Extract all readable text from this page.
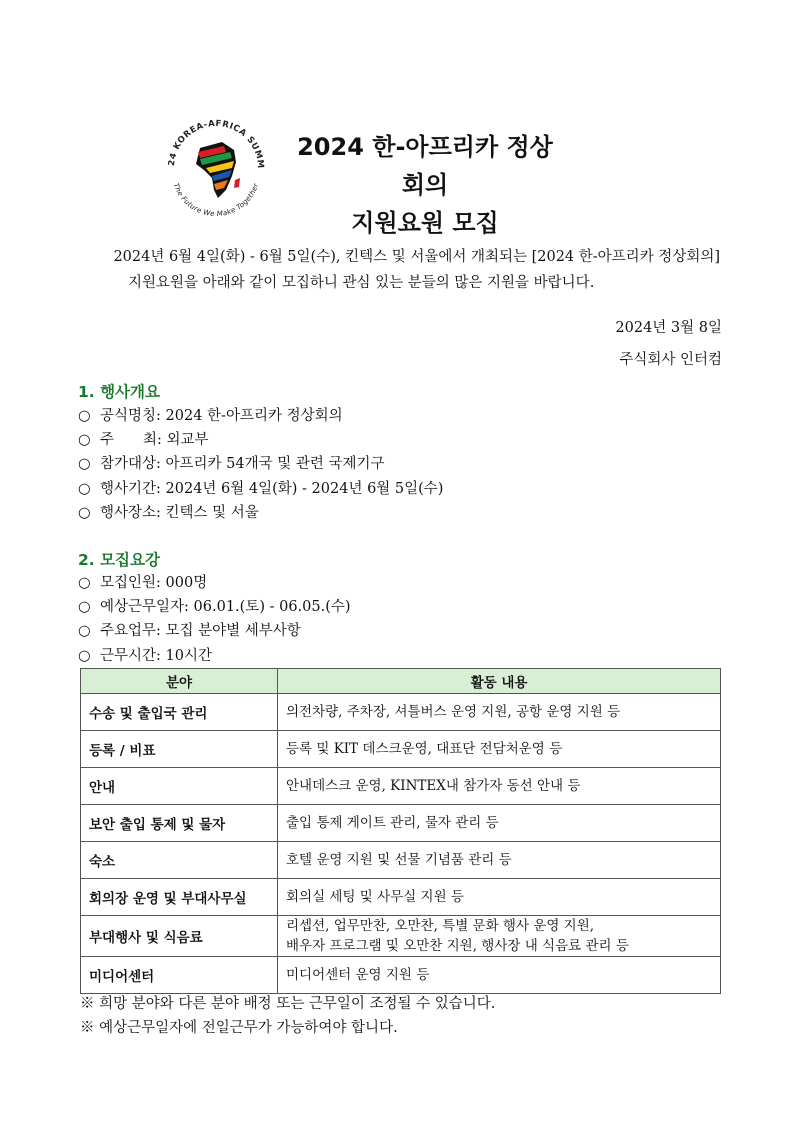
24 KOREA-AFRICA SUMM
The Future We Make Together
2024 한-아프리카 정상회의
지원요원 모집
2024년 6월 4일(화) - 6월 5일(수), 킨텍스 및 서울에서 개최되는 [2024 한-아프리카 정상회의]
지원요원을 아래와 같이 모집하니 관심 있는 분들의 많은 지원을 바랍니다.
2024년 3월 8일
주식회사 인터컴
1. 행사개요
○ 공식명칭: 2024 한-아프리카 정상회의
○ 주　　최: 외교부
○ 참가대상: 아프리카 54개국 및 관련 국제기구
○ 행사기간: 2024년 6월 4일(화) - 2024년 6월 5일(수)
○ 행사장소: 킨텍스 및 서울
2. 모집요강
○ 모집인원: 000명
○ 예상근무일자: 06.01.(토) - 06.05.(수)
○ 주요업무: 모집 분야별 세부사항
○ 근무시간: 10시간
분야	활동 내용
수송 및 출입국 관리	의전차량, 주차장, 셔틀버스 운영 지원, 공항 운영 지원 등
등록 / 비표	등록 및 KIT 데스크운영, 대표단 전담처운영 등
안내	안내데스크 운영, KINTEX내 참가자 동선 안내 등
보안 출입 통제 및 물자	출입 통제 게이트 관리, 물자 관리 등
숙소	호텔 운영 지원 및 선물 기념품 관리 등
회의장 운영 및 부대사무실	회의실 세팅 및 사무실 지원 등
부대행사 및 식음료	리셉션, 업무만찬, 오만찬, 특별 문화 행사 운영 지원,
배우자 프로그램 및 오만찬 지원, 행사장 내 식음료 관리 등

미디어센터	미디어센터 운영 지원 등
※ 희망 분야와 다른 분야 배정 또는 근무일이 조정될 수 있습니다.
※ 예상근무일자에 전일근무가 가능하여야 합니다.
